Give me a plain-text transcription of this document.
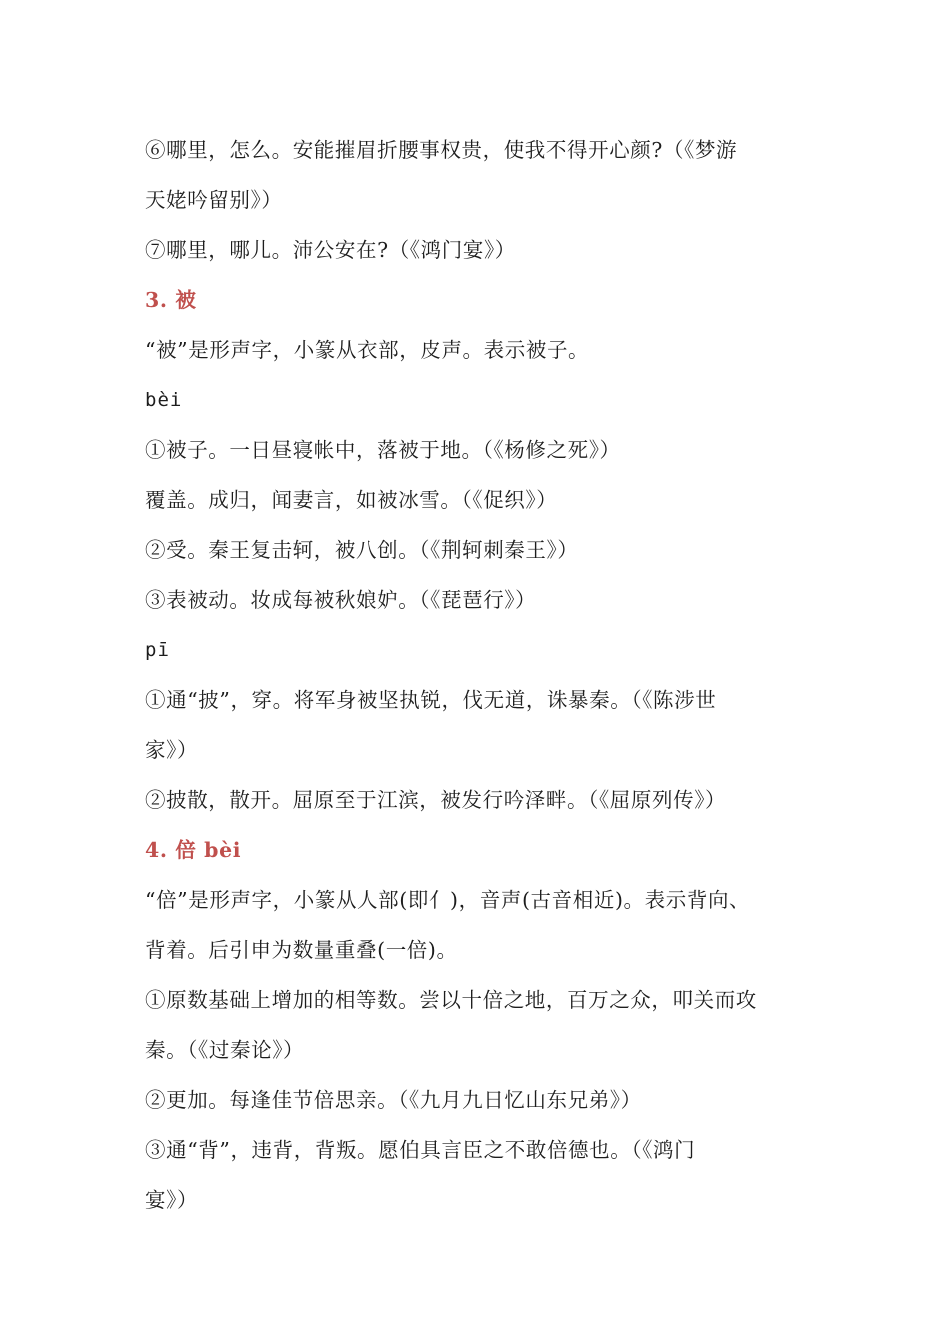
⑥哪里，怎么。安能摧眉折腰事权贵，使我不得开心颜?（《梦游
天姥吟留别》）
⑦哪里，哪儿。沛公安在?（《鸿门宴》）
3. 被
“被”是形声字，小篆从衣部，皮声。表示被子。
bèi
①被子。一日昼寝帐中，落被于地。（《杨修之死》）
覆盖。成归，闻妻言，如被冰雪。（《促织》）
②受。秦王复击轲，被八创。（《荆轲刺秦王》）
③表被动。妆成每被秋娘妒。（《琵琶行》）
pī
①通“披”，穿。将军身被坚执锐，伐无道，诛暴秦。（《陈涉世
家》）
②披散，散开。屈原至于江滨，被发行吟泽畔。（《屈原列传》）
4. 倍 bèi
“倍”是形声字，小篆从人部(即亻)，音声(古音相近)。表示背向、
背着。后引申为数量重叠(一倍)。
①原数基础上增加的相等数。尝以十倍之地，百万之众，叩关而攻
秦。（《过秦论》）
②更加。每逢佳节倍思亲。（《九月九日忆山东兄弟》）
③通“背”，违背，背叛。愿伯具言臣之不敢倍德也。（《鸿门
宴》）
